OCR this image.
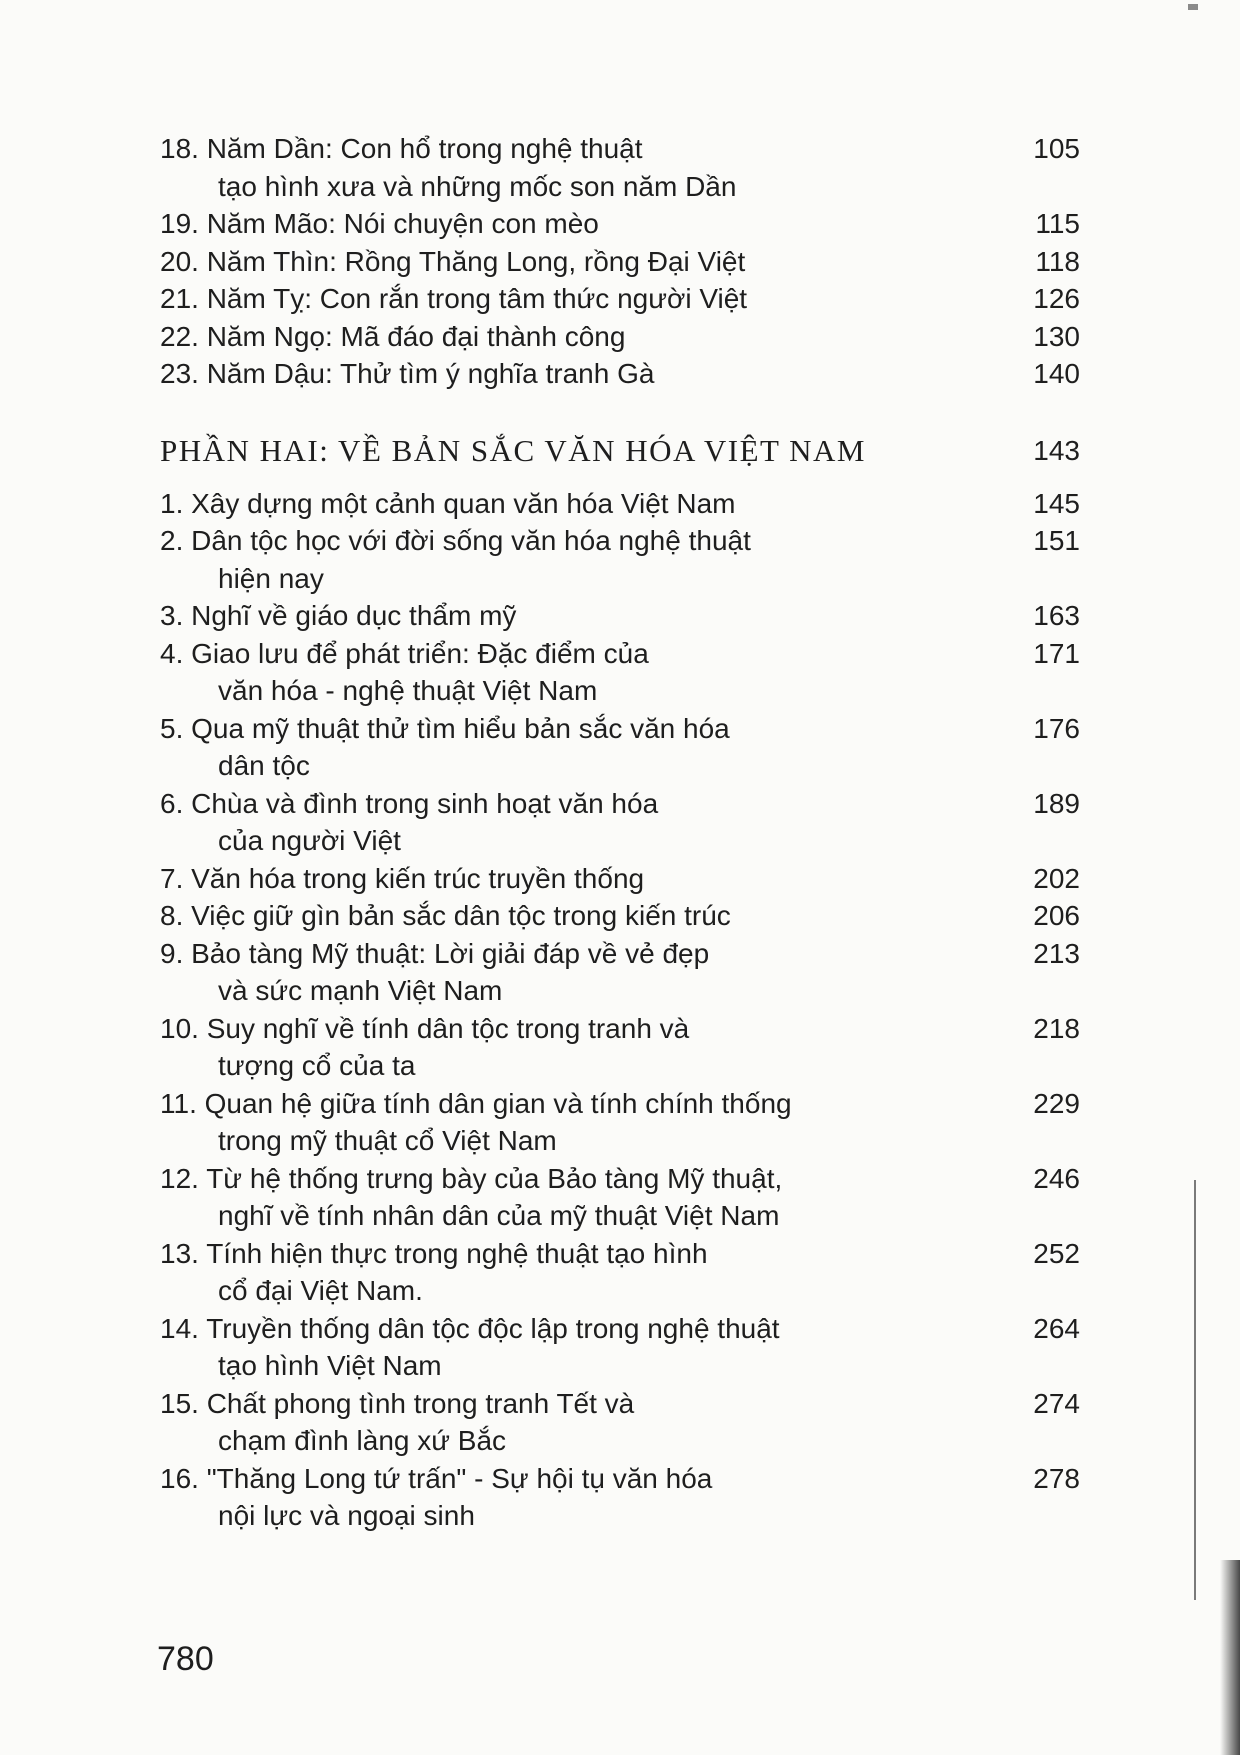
18. Năm Dần: Con hổ trong nghệ thuật
tạo hình xưa và những mốc son năm Dần
105
19. Năm Mão: Nói chuyện con mèo	115
20. Năm Thìn: Rồng Thăng Long, rồng Đại Việt	118
21. Năm Tỵ: Con rắn trong tâm thức người Việt	126
22. Năm Ngọ: Mã đáo đại thành công	130
23. Năm Dậu: Thử tìm ý nghĩa tranh Gà	140
PHẦN HAI: VỀ BẢN SẮC VĂN HÓA VIỆT NAM	143
1. Xây dựng một cảnh quan văn hóa Việt Nam	145
2. Dân tộc học với đời sống văn hóa nghệ thuật
hiện nay
151
3. Nghĩ về giáo dục thẩm mỹ	163
4. Giao lưu để phát triển: Đặc điểm của
văn hóa - nghệ thuật Việt Nam
171
5. Qua mỹ thuật thử tìm hiểu bản sắc văn hóa
dân tộc
176
6. Chùa và đình trong sinh hoạt văn hóa
của người Việt
189
7. Văn hóa trong kiến trúc truyền thống	202
8. Việc giữ gìn bản sắc dân tộc trong kiến trúc	206
9. Bảo tàng Mỹ thuật: Lời giải đáp về vẻ đẹp
và sức mạnh Việt Nam
213
10. Suy nghĩ về tính dân tộc trong tranh và
tượng cổ của ta
218
11. Quan hệ giữa tính dân gian và tính chính thống
trong mỹ thuật cổ Việt Nam
229
12. Từ hệ thống trưng bày của Bảo tàng Mỹ thuật,
nghĩ về tính nhân dân của mỹ thuật Việt Nam
246
13. Tính hiện thực trong nghệ thuật tạo hình
cổ đại Việt Nam.
252
14. Truyền thống dân tộc độc lập trong nghệ thuật
tạo hình Việt Nam
264
15. Chất phong tình trong tranh Tết và
chạm đình làng xứ Bắc
274
16. "Thăng Long tứ trấn" - Sự hội tụ văn hóa
nội lực và ngoại sinh
278
780
